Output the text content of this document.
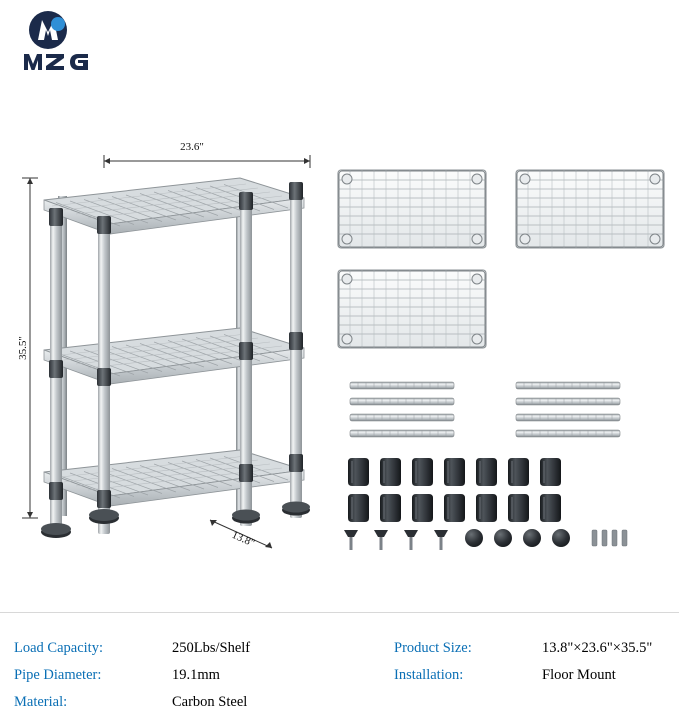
23.6"
35.5"
13.8"
Load Capacity:	250Lbs/Shelf	Product Size:	13.8"×23.6"×35.5"
Pipe Diameter:	19.1mm	Installation:	Floor Mount
Material:	Carbon Steel
